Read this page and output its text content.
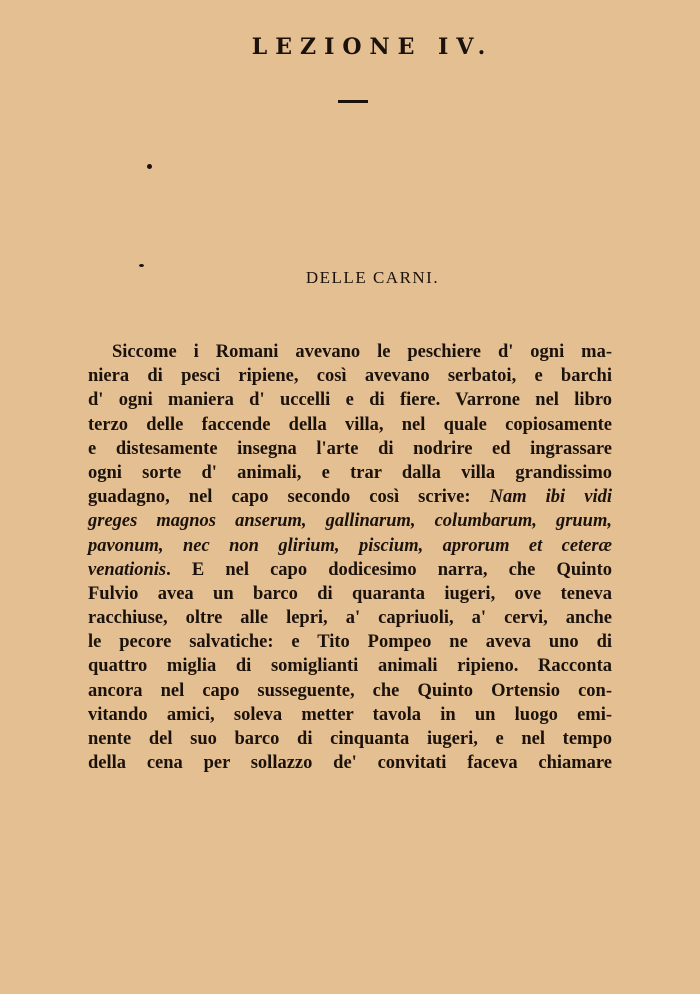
LEZIONE IV.
DELLE CARNI.
Siccome i Romani avevano le peschiere d' ogni ma-
niera di pesci ripiene, così avevano serbatoi, e barchi
d' ogni maniera d' uccelli e di fiere. Varrone nel libro
terzo delle faccende della villa, nel quale copiosamente
e distesamente insegna l'arte di nodrire ed ingrassare
ogni sorte d' animali, e trar dalla villa grandissimo
guadagno, nel capo secondo così scrive: Nam ibi vidi
greges magnos anserum, gallinarum, columbarum, gruum,
pavonum, nec non glirium, piscium, aprorum et ceteræ
venationis. E nel capo dodicesimo narra, che Quinto
Fulvio avea un barco di quaranta iugeri, ove teneva
racchiuse, oltre alle lepri, a' capriuoli, a' cervi, anche
le pecore salvatiche: e Tito Pompeo ne aveva uno di
quattro miglia di somiglianti animali ripieno. Racconta
ancora nel capo susseguente, che Quinto Ortensio con-
vitando amici, soleva metter tavola in un luogo emi-
nente del suo barco di cinquanta iugeri, e nel tempo
della cena per sollazzo de' convitati faceva chiamare
